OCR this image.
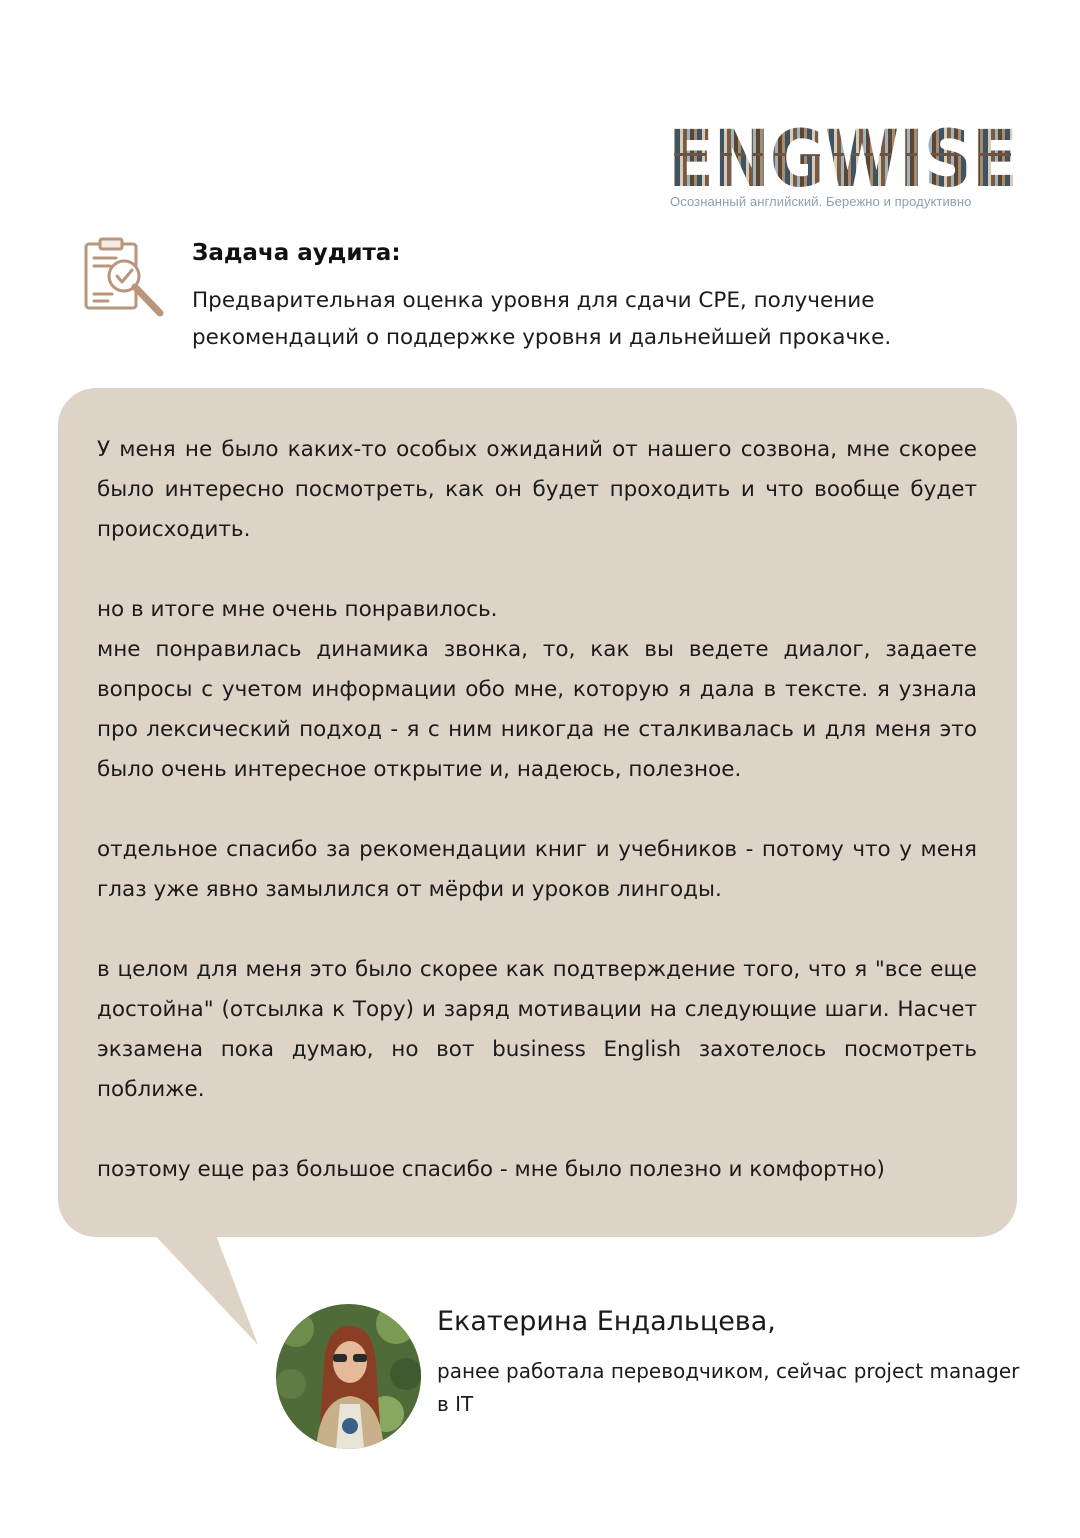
ENGWISE
Осознанный английский. Бережно и продуктивно
Задача аудита:

Предварительная оценка уровня для сдачи CPE, получение рекомендаций о поддержке уровня и дальнейшей прокачке.

У меня не было каких-то особых ожиданий от нашего созвона, мне скорее было интересно посмотреть, как он будет проходить и что вообще будет происходить.

но в итоге мне очень понравилось.

мне понравилась динамика звонка, то, как вы ведете диалог, задаете вопросы с учетом информации обо мне, которую я дала в тексте. я узнала про лексический подход - я с ним никогда не сталкивалась и для меня это было очень интересное открытие и, надеюсь, полезное.

отдельное спасибо за рекомендации книг и учебников - потому что у меня глаз уже явно замылился от мёрфи и уроков лингоды.

в целом для меня это было скорее как подтверждение того, что я "все еще достойна" (отсылка к Тору) и заряд мотивации на следующие шаги. Насчет экзамена пока думаю, но вот business English захотелось посмотреть поближе.

поэтому еще раз большое спасибо - мне было полезно и комфортно)

Екатерина Ендальцева,

ранее работала переводчиком, сейчас project manager в IT
